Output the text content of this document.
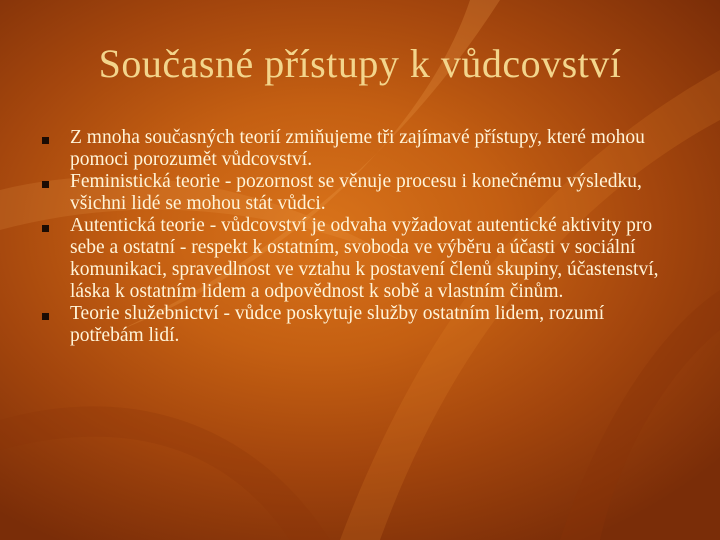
Současné přístupy k vůdcovství
Z mnoha současných teorií zmiňujeme tři zajímavé přístupy, které mohou pomoci porozumět vůdcovství.
Feministická teorie - pozornost se věnuje procesu i konečnému výsledku, všichni lidé se mohou stát vůdci.
Autentická teorie - vůdcovství je odvaha vyžadovat autentické aktivity pro sebe a ostatní - respekt k ostatním, svoboda ve výběru a účasti v sociální komunikaci, spravedlnost ve vztahu k postavení členů skupiny, účastenství, láska k ostatním lidem a odpovědnost k sobě a vlastním činům.
Teorie služebnictví - vůdce poskytuje služby ostatním lidem, rozumí potřebám lidí.
